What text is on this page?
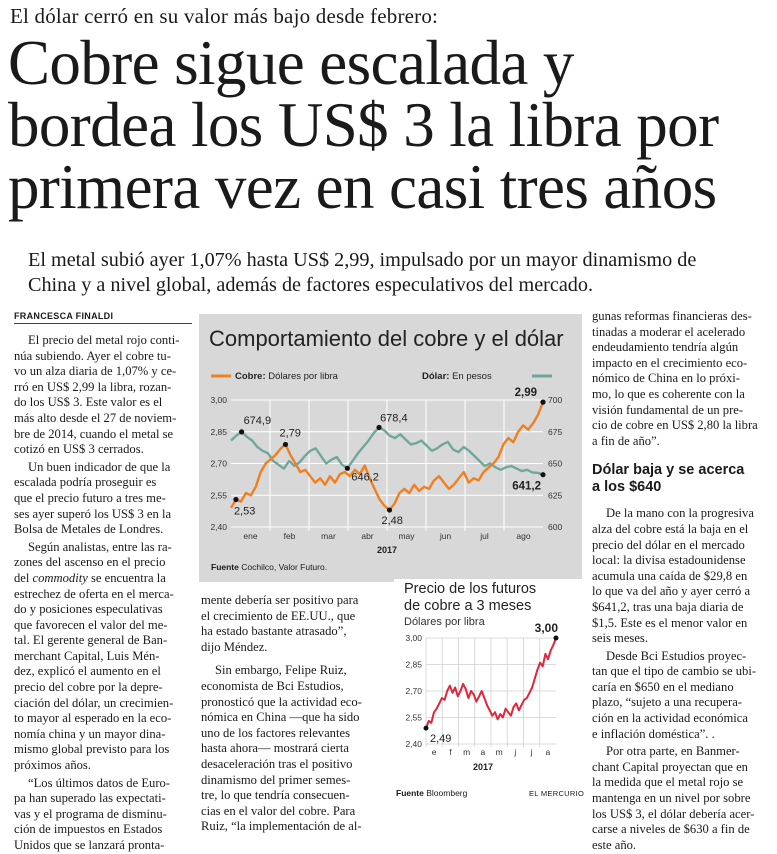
El dólar cerró en su valor más bajo desde febrero:
Cobre sigue escalada y
bordea los US$ 3 la libra por
primera vez en casi tres años

El metal subió ayer 1,07% hasta US$ 2,99, impulsado por un mayor dinamismo de
China y a nivel global, además de factores especulativos del mercado.

FRANCESCA FINALDI

El precio del metal rojo conti-
núa subiendo. Ayer el cobre tu-
vo un alza diaria de 1,07% y ce-
rró en US$ 2,99 la libra, rozan-
do los US$ 3. Este valor es el
más alto desde el 27 de noviem-
bre de 2014, cuando el metal se
cotizó en US$ 3 cerrados.

Un buen indicador de que la
escalada podría proseguir es
que el precio futuro a tres me-
ses ayer superó los US$ 3 en la
Bolsa de Metales de Londres.

Según analistas, entre las ra-
zones del ascenso en el precio
del commodity se encuentra la
estrechez de oferta en el merca-
do y posiciones especulativas
que favorecen el valor del me-
tal. El gerente general de Ban-
merchant Capital, Luis Mén-
dez, explicó el aumento en el
precio del cobre por la depre-
ciación del dólar, un crecimien-
to mayor al esperado en la eco-
nomía china y un mayor dina-
mismo global previsto para los
próximos años.

“Los últimos datos de Euro-
pa han superado las expectati-
vas y el programa de disminu-
ción de impuestos en Estados
Unidos que se lanzará pronta-

3,00
2,85
2,70
2,55
2,40
700
675
650
625
600
ene	feb	mar	abr	may	jun	jul	ago
2017
Cobre: Dólares por libra	Dólar: En pesos
674,9
2,79
678,4
646,2
2,53
2,48
2,99
641,2
Comportamiento del cobre y el dólar
Fuente Cochilco, Valor Futuro.

mente debería ser positivo para
el crecimiento de EE.UU., que
ha estado bastante atrasado”,
dijo Méndez.

Sin embargo, Felipe Ruiz,
economista de Bci Estudios,
pronosticó que la actividad eco-
nómica en China —que ha sido
uno de los factores relevantes
hasta ahora— mostrará cierta
desaceleración tras el positivo
dinamismo del primer semes-
tre, lo que tendría consecuen-
cias en el valor del cobre. Para
Ruiz, “la implementación de al-

3,00
2,85
2,70
2,55
2,40
e f m a m j j a
2017
3,00
2,49
Precio de los futuros
de cobre a 3 meses
Dólares por libra
Fuente Bloomberg	EL MERCURIO

gunas reformas financieras des-
tinadas a moderar el acelerado
endeudamiento tendría algún
impacto en el crecimiento eco-
nómico de China en lo próxi-
mo, lo que es coherente con la
visión fundamental de un pre-
cio de cobre en US$ 2,80 la libra
a fin de año”.

Dólar baja y se acerca
a los $640

De la mano con la progresiva
alza del cobre está la baja en el
precio del dólar en el mercado
local: la divisa estadounidense
acumula una caída de $29,8 en
lo que va del año y ayer cerró a
$641,2, tras una baja diaria de
$1,5. Este es el menor valor en
seis meses.

Desde Bci Estudios proyec-
tan que el tipo de cambio se ubi-
caría en $650 en el mediano
plazo, “sujeto a una recupera-
ción en la actividad económica
e inflación doméstica”. .

Por otra parte, en Banmer-
chant Capital proyectan que en
la medida que el metal rojo se
mantenga en un nivel por sobre
los US$ 3, el dólar debería acer-
carse a niveles de $630 a fin de
este año.
